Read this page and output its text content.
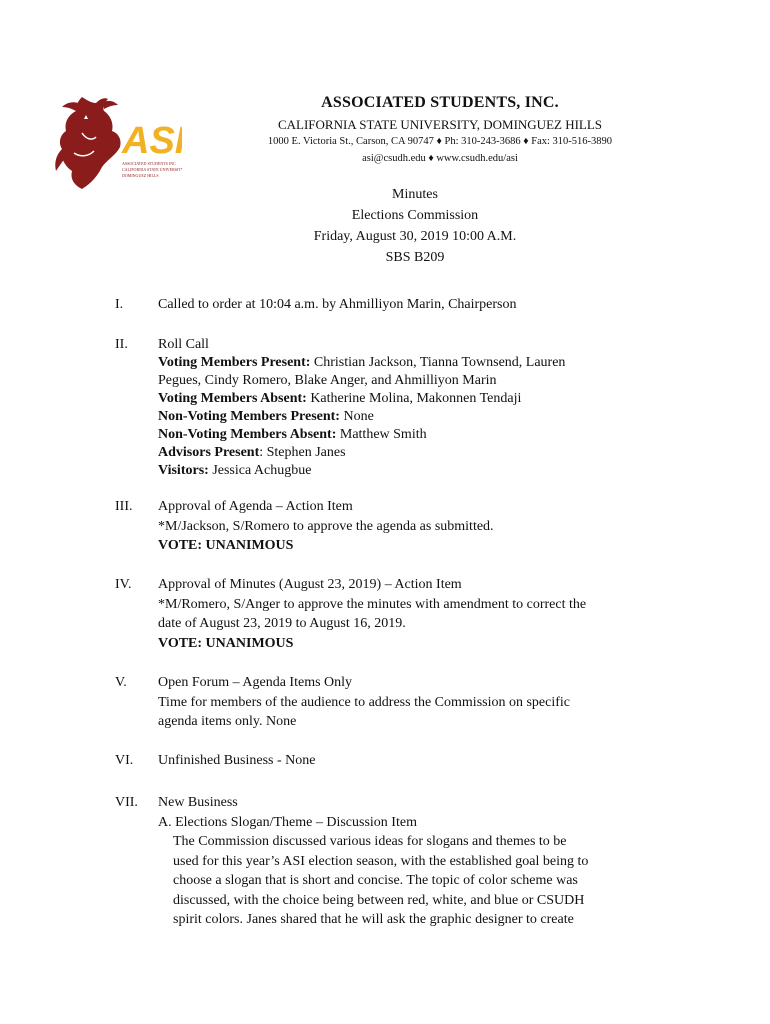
ASI
ASSOCIATED STUDENTS INC
CALIFORNIA STATE UNIVERSITY
DOMINGUEZ HILLS
ASSOCIATED STUDENTS, INC.
CALIFORNIA STATE UNIVERSITY, DOMINGUEZ HILLS
1000 E. Victoria St., Carson, CA 90747 ♦ Ph: 310-243-3686 ♦ Fax: 310-516-3890
asi@csudh.edu ♦ www.csudh.edu/asi
Minutes
Elections Commission
Friday, August 30, 2019 10:00 A.M.
SBS B209
I.	Called to order at 10:04 a.m. by Ahmilliyon Marin, Chairperson
II.	Roll Call
Voting Members Present: Christian Jackson, Tianna Townsend, Lauren
Pegues, Cindy Romero, Blake Anger, and Ahmilliyon Marin
Voting Members Absent: Katherine Molina, Makonnen Tendaji
Non-Voting Members Present: None
Non-Voting Members Absent: Matthew Smith
Advisors Present: Stephen Janes
Visitors: Jessica Achugbue
III.	Approval of Agenda – Action Item
*M/Jackson, S/Romero to approve the agenda as submitted.
VOTE: UNANIMOUS
IV.	Approval of Minutes (August 23, 2019) – Action Item
*M/Romero, S/Anger to approve the minutes with amendment to correct the
date of August 23, 2019 to August 16, 2019.
VOTE: UNANIMOUS
V.	Open Forum – Agenda Items Only
Time for members of the audience to address the Commission on specific
agenda items only. None
VI.	Unfinished Business - None
VII.	New Business
A. Elections Slogan/Theme – Discussion Item
The Commission discussed various ideas for slogans and themes to be
used for this year’s ASI election season, with the established goal being to
choose a slogan that is short and concise. The topic of color scheme was
discussed, with the choice being between red, white, and blue or CSUDH
spirit colors. Janes shared that he will ask the graphic designer to create
